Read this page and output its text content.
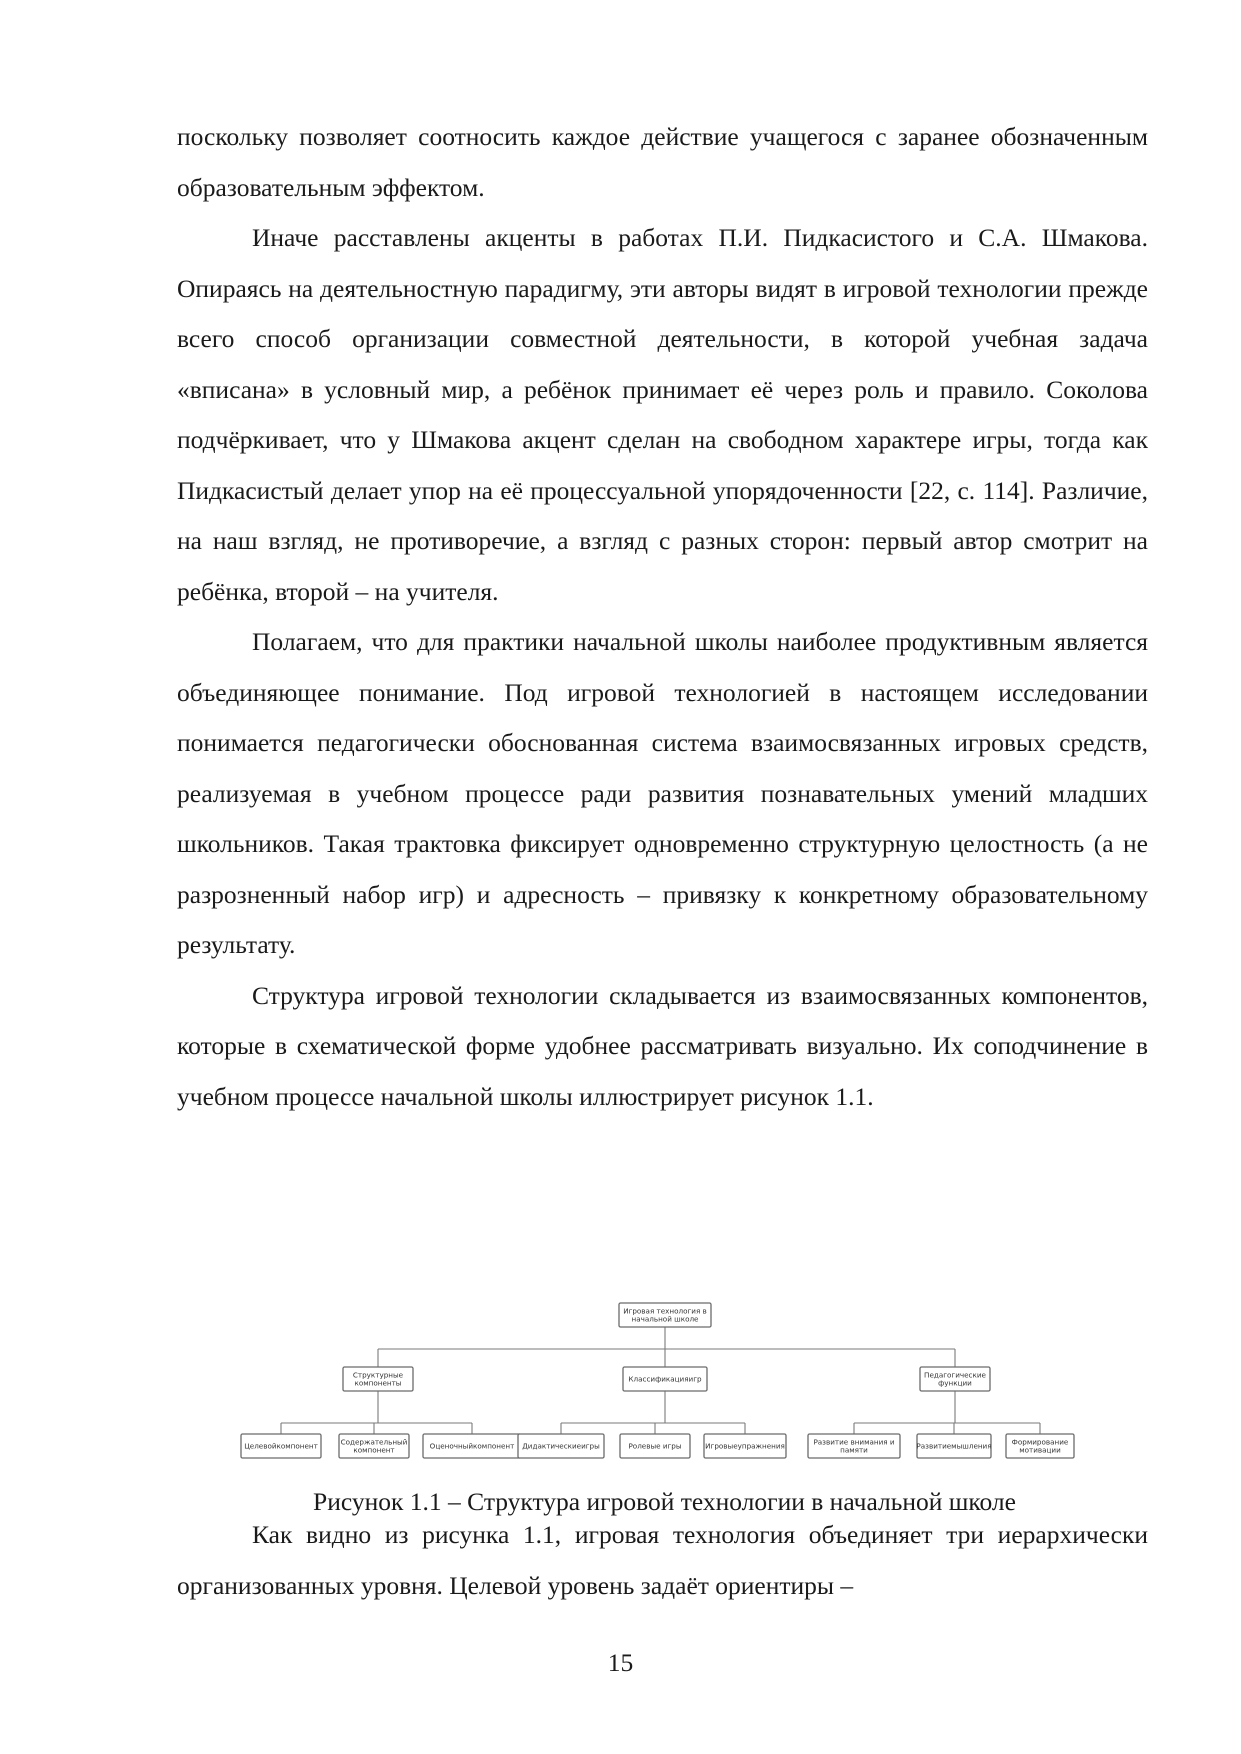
поскольку позволяет соотносить каждое действие учащегося с заранее обозначенным образовательным эффектом.

Иначе расставлены акценты в работах П.И. Пидкасистого и С.А. Шмакова. Опираясь на деятельностную парадигму, эти авторы видят в игровой технологии прежде всего способ организации совместной деятельности, в которой учебная задача «вписана» в условный мир, а ребёнок принимает её через роль и правило. Соколова подчёркивает, что у Шмакова акцент сделан на свободном характере игры, тогда как Пидкасистый делает упор на её процессуальной упорядоченности [22, с. 114]. Различие, на наш взгляд, не противоречие, а взгляд с разных сторон: первый автор смотрит на ребёнка, второй – на учителя.

Полагаем, что для практики начальной школы наиболее продуктивным является объединяющее понимание. Под игровой технологией в настоящем исследовании понимается педагогически обоснованная система взаимосвязанных игровых средств, реализуемая в учебном процессе ради развития познавательных умений младших школьников. Такая трактовка фиксирует одновременно структурную целостность (а не разрозненный набор игр) и адресность – привязку к конкретному образовательному результату.

Структура игровой технологии складывается из взаимосвязанных компонентов, которые в схематической форме удобнее рассматривать визуально. Их соподчинение в учебном процессе начальной школы иллюстрирует рисунок 1.1.

Игровая технология в
начальной школе
Структурные
компоненты
Целевойкомпонент	Содержательный
компонент	Оценочныйкомпонент
Классификацияигр
Дидактическиеигры	Ролевые игры	Игровыеупражнения
Педагогические
функции
Развитие внимания и
памяти	Развитиемышления	Формирование
мотивации
Рисунок 1.1 – Структура игровой технологии в начальной школе

Как видно из рисунка 1.1, игровая технология объединяет три иерархически организованных уровня. Целевой уровень задаёт ориентиры –

15
